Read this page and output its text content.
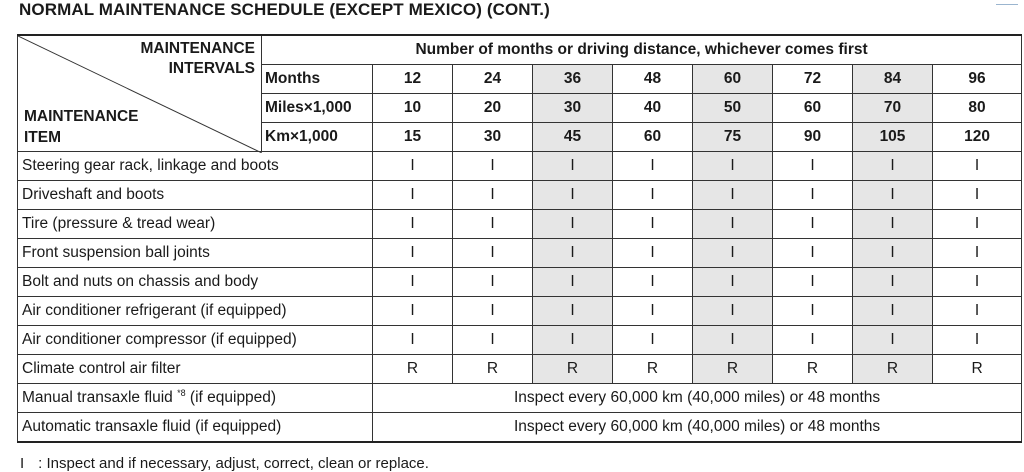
NORMAL MAINTENANCE SCHEDULE (EXCEPT MEXICO) (CONT.)
MAINTENANCE
INTERVALS
MAINTENANCE
ITEM	Number of months or driving distance, whichever comes first								
	Months	12	24	36	48	60	72	84	96
	Miles×1,000	10	20	30	40	50	60	70	80
	Km×1,000	15	30	45	60	75	90	105	120
Steering gear rack, linkage and boots		I	I	I	I	I	I	I	I
Driveshaft and boots		I	I	I	I	I	I	I	I
Tire (pressure & tread wear)		I	I	I	I	I	I	I	I
Front suspension ball joints		I	I	I	I	I	I	I	I
Bolt and nuts on chassis and body		I	I	I	I	I	I	I	I
Air conditioner refrigerant (if equipped)		I	I	I	I	I	I	I	I
Air conditioner compressor (if equipped)		I	I	I	I	I	I	I	I
Climate control air filter		R	R	R	R	R	R	R	R
Manual transaxle fluid $^{*8}$ (if equipped)		Inspect every 60,000 km (40,000 miles) or 48 months							
Automatic transaxle fluid (if equipped)		Inspect every 60,000 km (40,000 miles) or 48 months							
I : Inspect and if necessary, adjust, correct, clean or replace.
